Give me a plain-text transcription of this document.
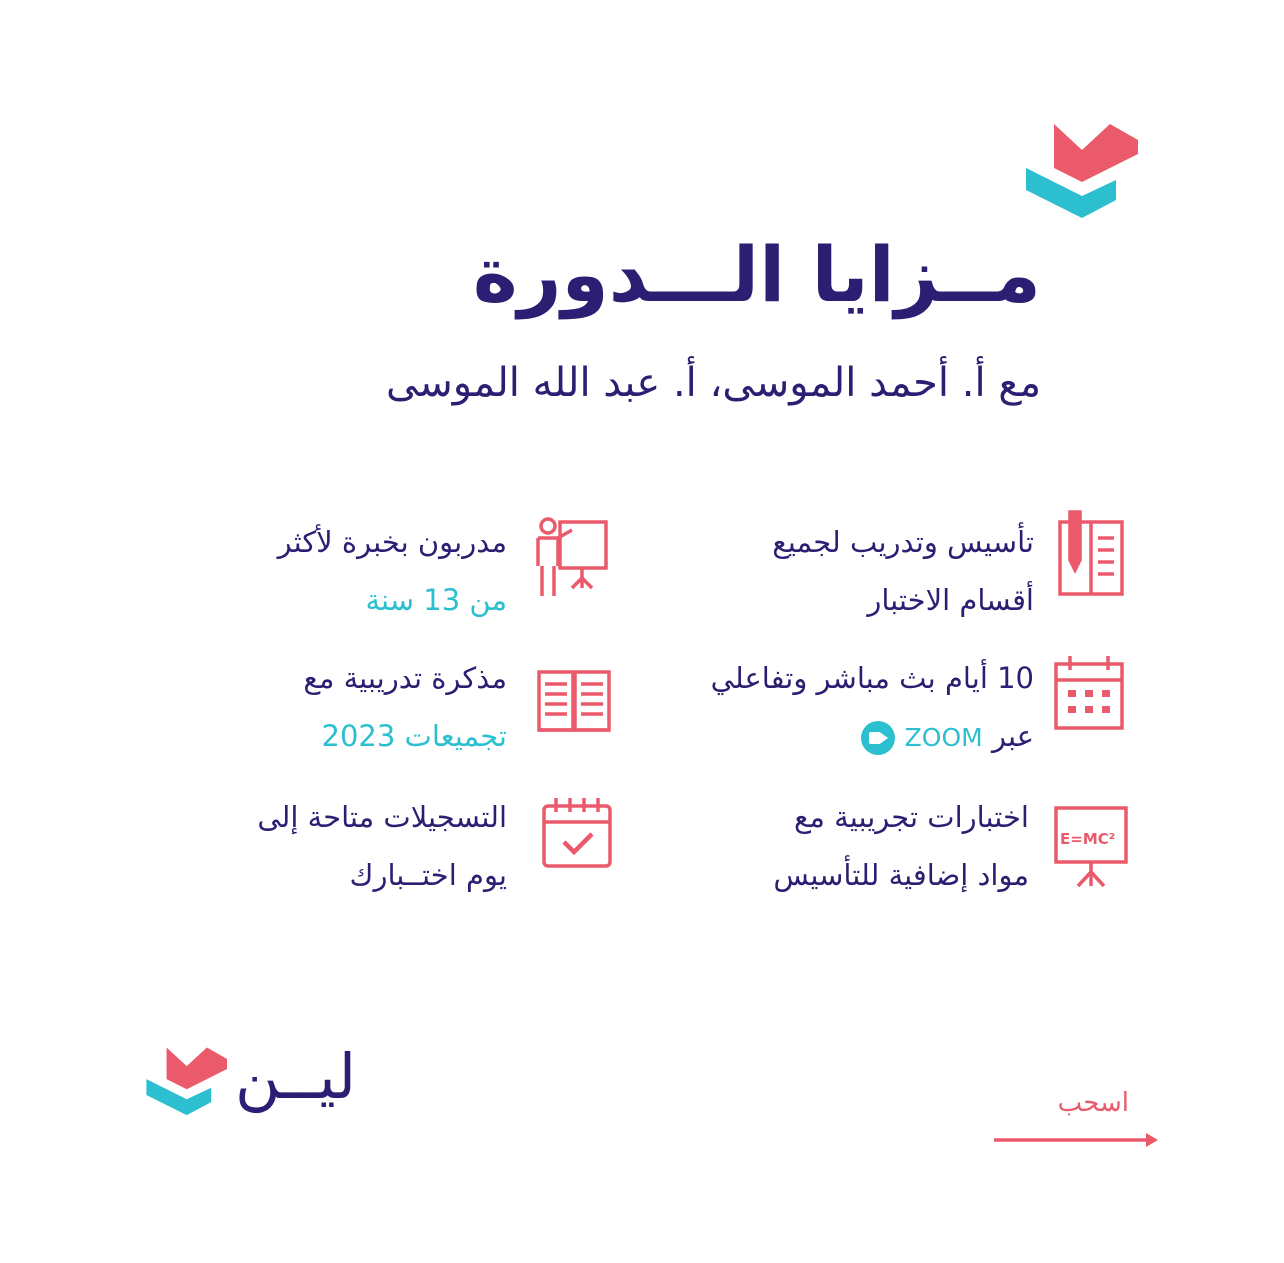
مــزايا الـــدورة
مع أ. أحمد الموسى، أ. عبد الله الموسى
تأسيس وتدريب لجميع
أقسام الاختبار
مدربون بخبرة لأكثر
من 13 سنة
10 أيام بث مباشر وتفاعلي
عبر ZOOM
مذكرة تدريبية مع
تجميعات 2023
E=MC²
اختبارات تجريبية مع
مواد إضافية للتأسيس
التسجيلات متاحة إلى
يوم اختــبارك
ليــن	اسحب
